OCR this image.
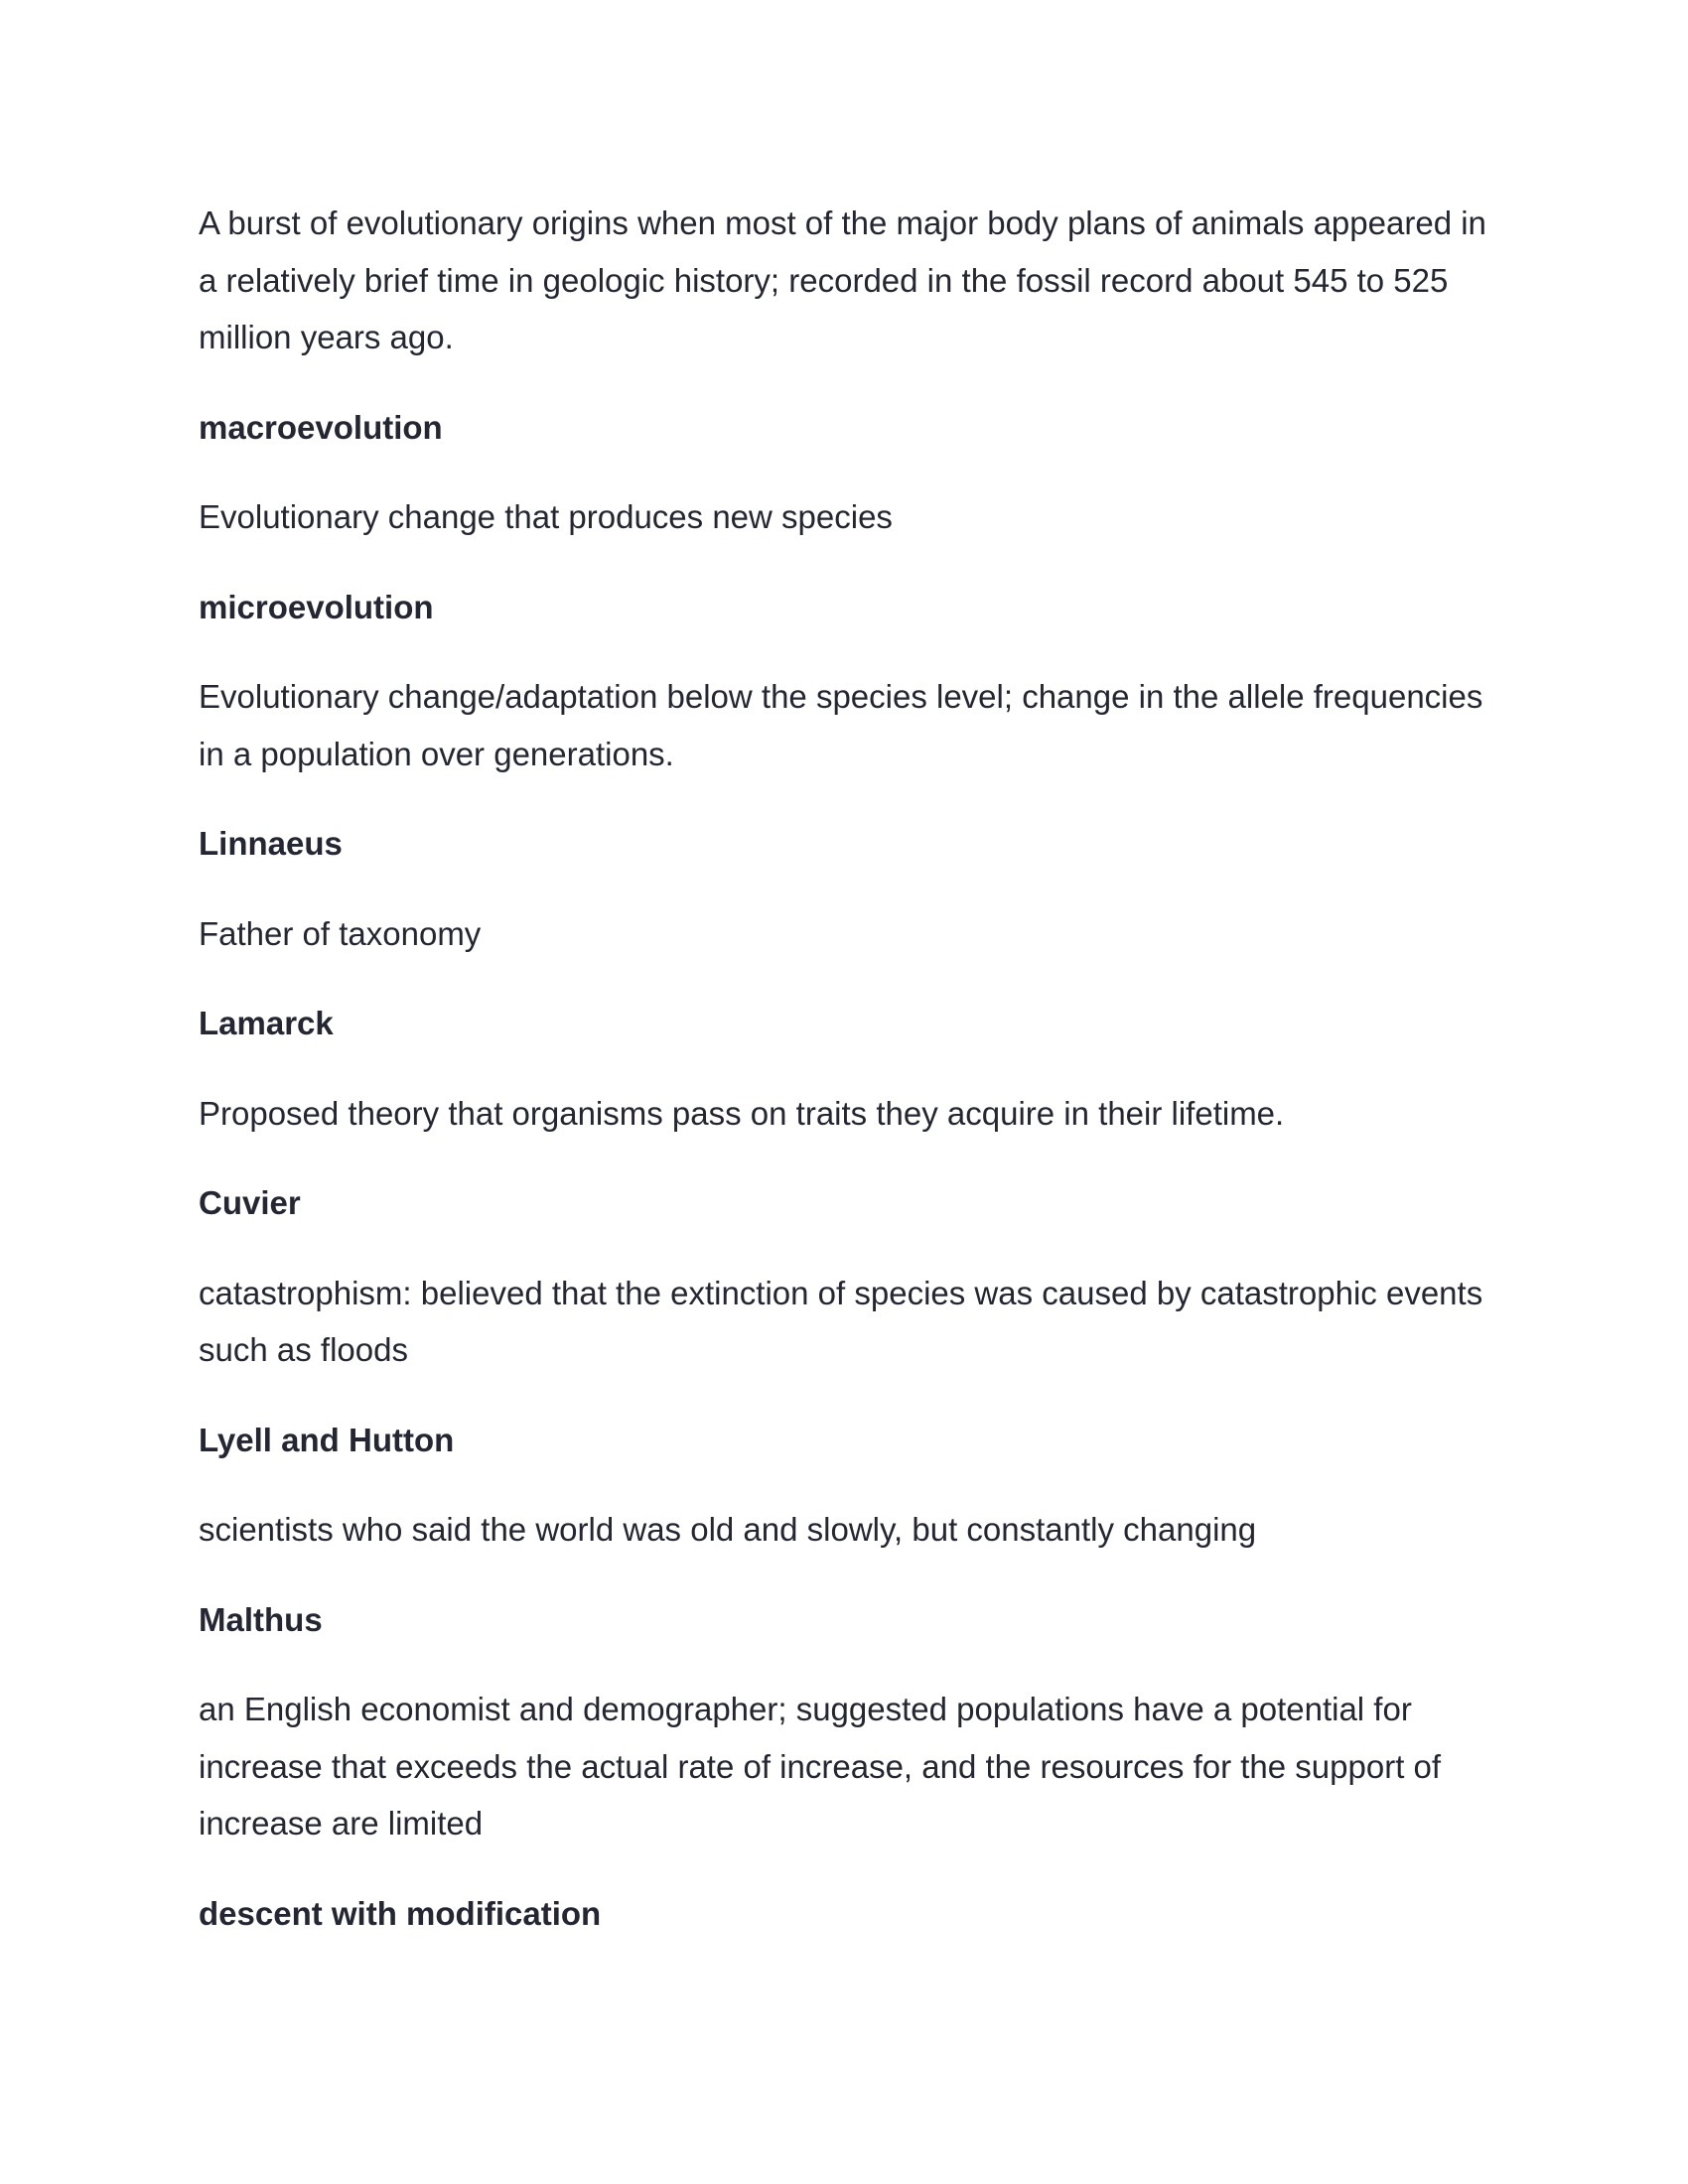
A burst of evolutionary origins when most of the major body plans of animals appeared in a relatively brief time in geologic history; recorded in the fossil record about 545 to 525 million years ago.

macroevolution

Evolutionary change that produces new species

microevolution

Evolutionary change/adaptation below the species level; change in the allele frequencies in a population over generations.

Linnaeus

Father of taxonomy

Lamarck

Proposed theory that organisms pass on traits they acquire in their lifetime.

Cuvier

catastrophism: believed that the extinction of species was caused by catastrophic events such as floods

Lyell and Hutton

scientists who said the world was old and slowly, but constantly changing

Malthus

an English economist and demographer; suggested populations have a potential for increase that exceeds the actual rate of increase, and the resources for the support of increase are limited

descent with modification
